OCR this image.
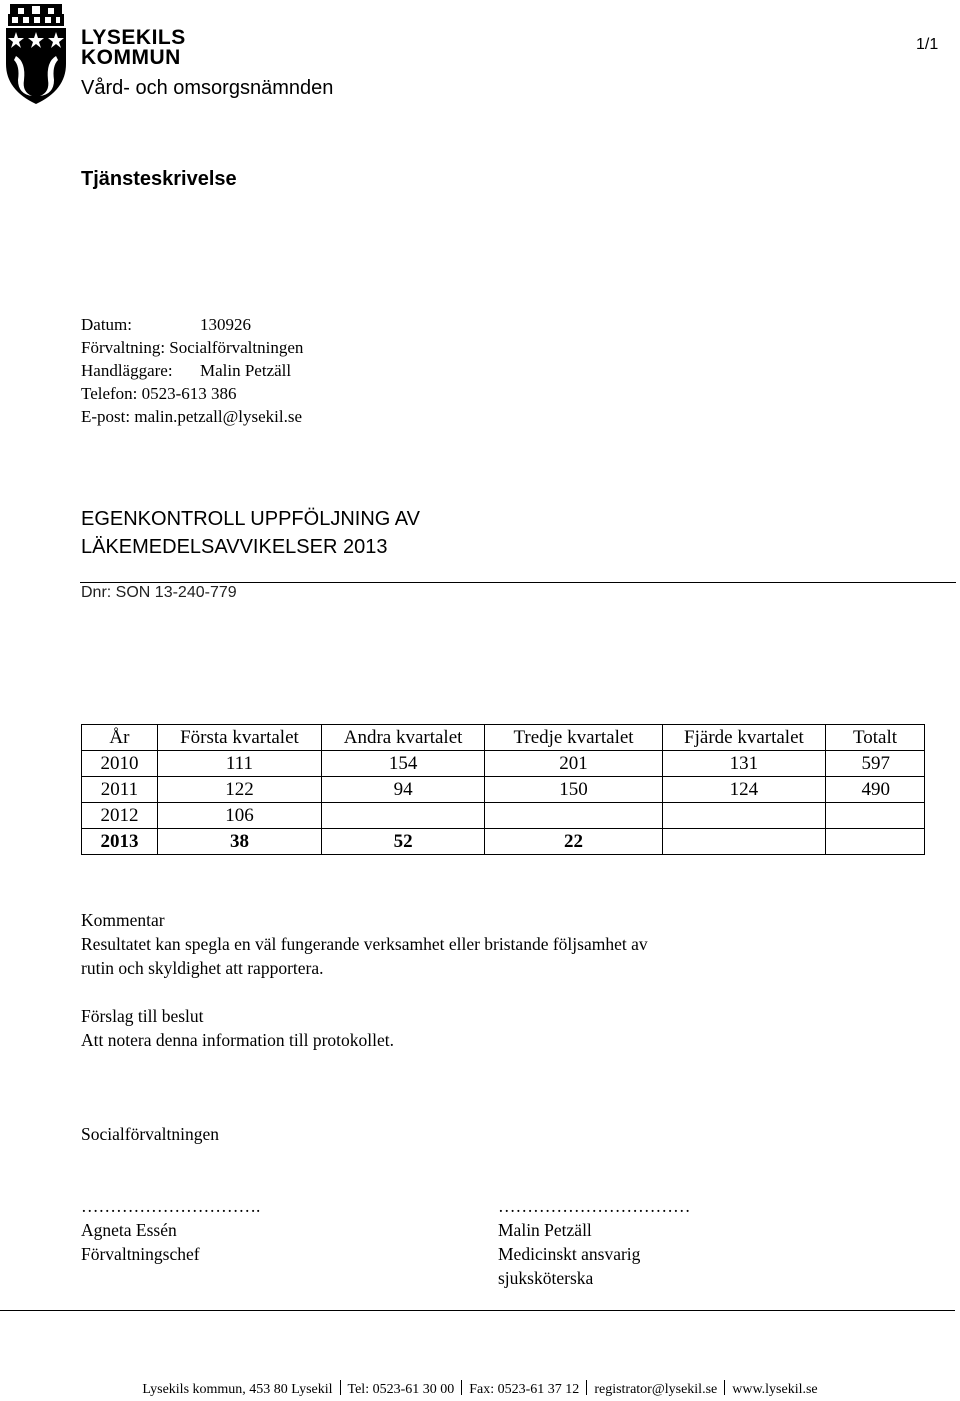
LYSEKILS
KOMMUN
Vård- och omsorgsnämnden
1/1
Tjänsteskrivelse
Datum:	130926
Förvaltning: Socialförvaltningen
Handläggare: Malin Petzäll
Telefon: 0523-613 386
E-post: malin.petzall@lysekil.se
EGENKONTROLL UPPFÖLJNING AV
LÄKEMEDELSAVVIKELSER 2013
Dnr: SON 13-240-779
År	Första kvartalet	Andra kvartalet	Tredje kvartalet	Fjärde kvartalet	Totalt
2010	111	154	201	131	597
2011	122	94	150	124	490
2012	106				
2013	38	52	22		
Kommentar
Resultatet kan spegla en väl fungerande verksamhet eller bristande följsamhet av
rutin och skyldighet att rapportera.
Förslag till beslut
Att notera denna information till protokollet.
Socialförvaltningen
………………………….
Agneta Essén
Förvaltningschef
……………………………
Malin Petzäll
Medicinskt ansvarig
sjuksköterska
Lysekils kommun, 453 80 Lysekil Tel: 0523-61 30 00 Fax: 0523-61 37 12 registrator@lysekil.se www.lysekil.se
